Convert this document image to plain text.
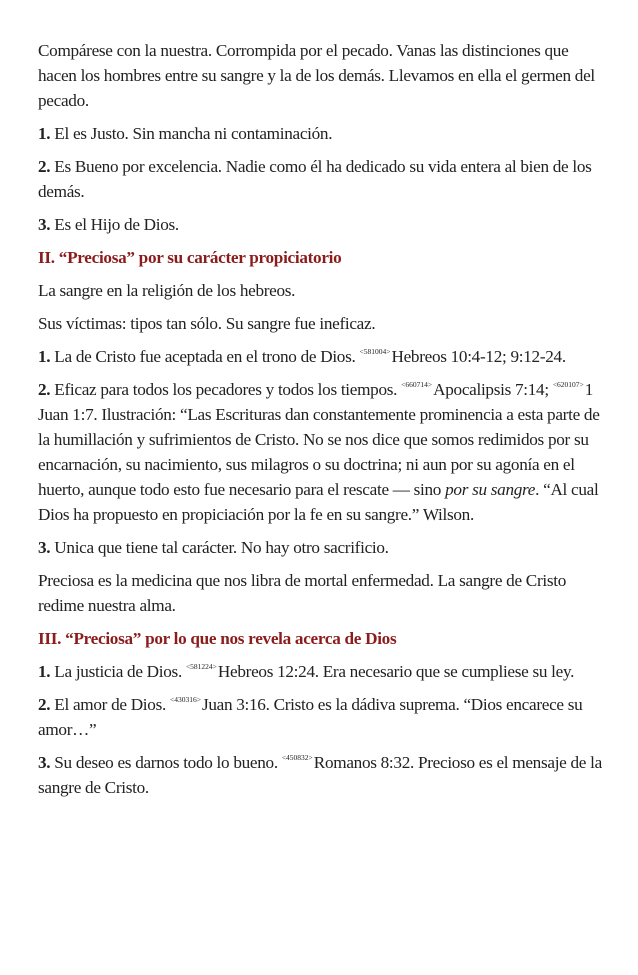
Compárese con la nuestra. Corrompida por el pecado. Vanas las distinciones que hacen los hombres entre su sangre y la de los demás. Llevamos en ella el germen del pecado.

1. El es Justo. Sin mancha ni contaminación.

2. Es Bueno por excelencia. Nadie como él ha dedicado su vida entera al bien de los demás.

3. Es el Hijo de Dios.

II. “Preciosa” por su carácter propiciatorio

La sangre en la religión de los hebreos.

Sus víctimas: tipos tan sólo. Su sangre fue ineficaz.

1. La de Cristo fue aceptada en el trono de Dios. $^{<581004>}$Hebreos 10:4-12; 9:12-24.

2. Eficaz para todos los pecadores y todos los tiempos. $^{<660714>}$Apocalipsis 7:14; $^{<620107>}$1 Juan 1:7. Ilustración: “Las Escrituras dan constantemente prominencia a esta parte de la humillación y sufrimientos de Cristo. No se nos dice que somos redimidos por su encarnación, su nacimiento, sus milagros o su doctrina; ni aun por su agonía en el huerto, aunque todo esto fue necesario para el rescate — sino por su sangre. “Al cual Dios ha propuesto en propiciación por la fe en su sangre.” Wilson.

3. Unica que tiene tal carácter. No hay otro sacrificio.

Preciosa es la medicina que nos libra de mortal enfermedad. La sangre de Cristo redime nuestra alma.

III. “Preciosa” por lo que nos revela acerca de Dios

1. La justicia de Dios. $^{<581224>}$Hebreos 12:24. Era necesario que se cumpliese su ley.

2. El amor de Dios. $^{<430316>}$Juan 3:16. Cristo es la dádiva suprema. “Dios encarece su amor…”

3. Su deseo es darnos todo lo bueno. $^{<450832>}$Romanos 8:32. Precioso es el mensaje de la sangre de Cristo.
